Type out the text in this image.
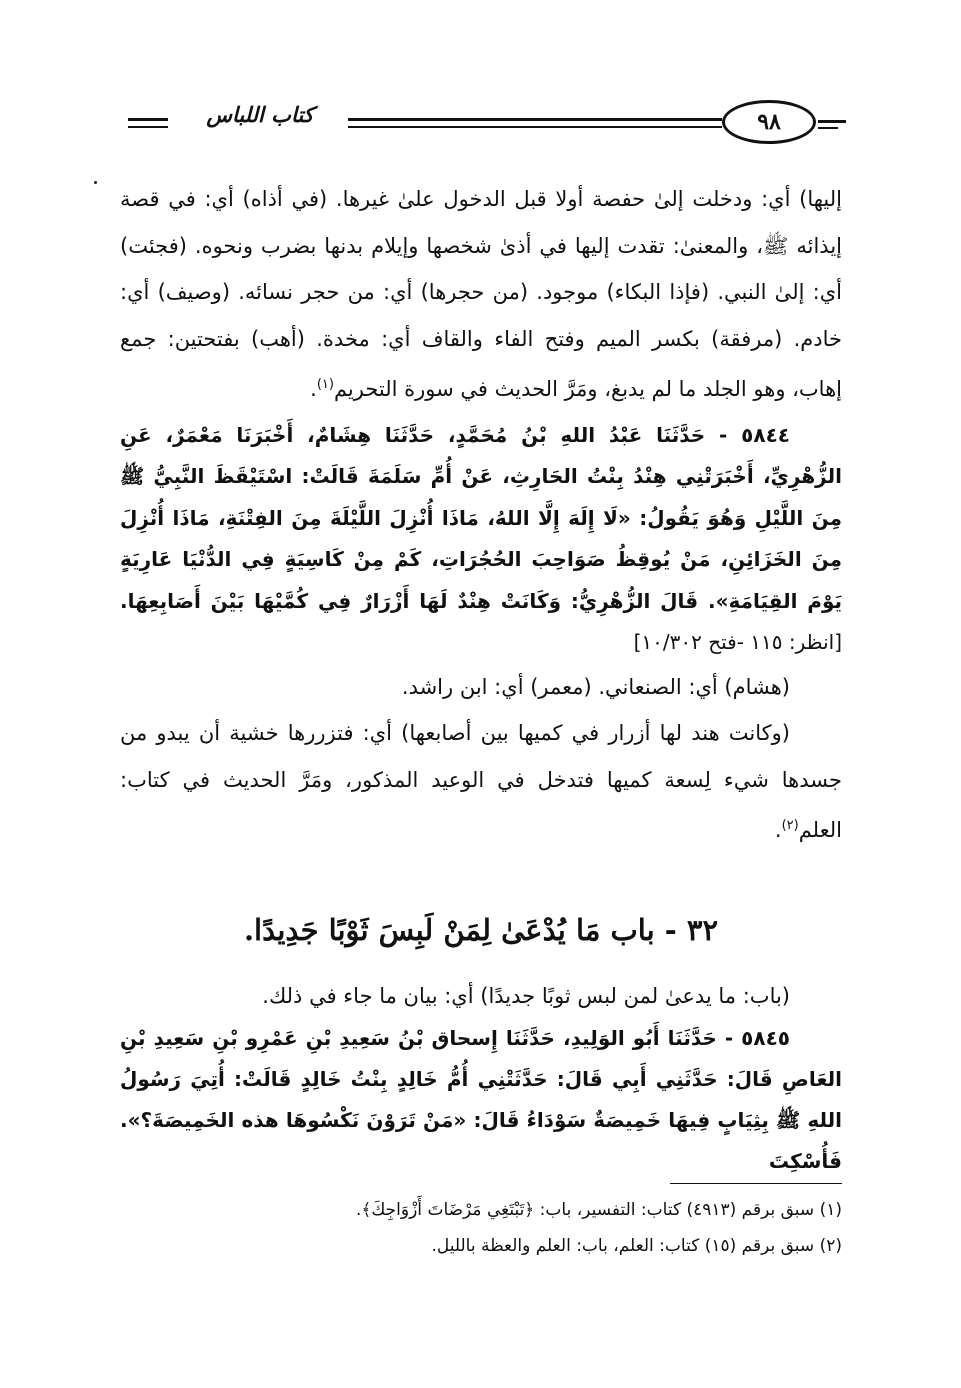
٩٨
كتاب اللباس

إليها) أي: ودخلت إلىٰ حفصة أولا قبل الدخول علىٰ غيرها. (في أذاه) أي: في قصة إيذائه ﷺ، والمعنىٰ: تقدت إليها في أذىٰ شخصها وإيلام بدنها بضرب ونحوه. (فجئت) أي: إلىٰ النبي. (فإذا البكاء) موجود. (من حجرها) أي: من حجر نسائه. (وصيف) أي: خادم. (مرفقة) بكسر الميم وفتح الفاء والقاف أي: مخدة. (أهب) بفتحتين: جمع إهاب، وهو الجلد ما لم يدبغ، ومَرَّ الحديث في سورة التحريم$^{(١)}$.

٥٨٤٤ - حَدَّثَنَا عَبْدُ اللهِ بْنُ مُحَمَّدٍ، حَدَّثَنَا هِشَامٌ، أَخْبَرَنَا مَعْمَرٌ، عَنِ الزُّهْرِيِّ، أَخْبَرَتْنِي هِنْدُ بِنْتُ الحَارِثِ، عَنْ أُمِّ سَلَمَةَ قَالَتْ: اسْتَيْقَظَ النَّبِيُّ ﷺ مِنَ اللَّيْلِ وَهُوَ يَقُولُ: «لَا إِلَهَ إِلَّا اللهُ، مَاذَا أُنْزِلَ اللَّيْلَةَ مِنَ الفِتْنَةِ، مَاذَا أُنْزِلَ مِنَ الخَزَائِنِ، مَنْ يُوقِظُ صَوَاحِبَ الحُجُرَاتِ، كَمْ مِنْ كَاسِيَةٍ فِي الدُّنْيَا عَارِيَةٍ يَوْمَ القِيَامَةِ». قَالَ الزُّهْرِيُّ: وَكَانَتْ هِنْدٌ لَهَا أَزْرَارٌ فِي كُمَّيْهَا بَيْنَ أَصَابِعِهَا. [انظر: ١١٥ -فتح ١٠/٣٠٢]

(هشام) أي: الصنعاني. (معمر) أي: ابن راشد.

(وكانت هند لها أزرار في كميها بين أصابعها) أي: فتزررها خشية أن يبدو من جسدها شيء لِسعة كميها فتدخل في الوعيد المذكور، ومَرَّ الحديث في كتاب: العلم$^{(٢)}$.

٣٢ - باب مَا يُدْعَىٰ لِمَنْ لَبِسَ ثَوْبًا جَدِيدًا.

(باب: ما يدعىٰ لمن لبس ثوبًا جديدًا) أي: بيان ما جاء في ذلك.

٥٨٤٥ - حَدَّثَنَا أَبُو الوَلِيدِ، حَدَّثَنَا إِسحاق بْنُ سَعِيدِ بْنِ عَمْرِو بْنِ سَعِيدِ بْنِ العَاصِ قَالَ: حَدَّثَنِي أَبِي قَالَ: حَدَّثَتْنِي أُمُّ خَالِدٍ بِنْتُ خَالِدٍ قَالَتْ: أُتِيَ رَسُولُ اللهِ ﷺ بِثِيَابٍ فِيهَا خَمِيصَةٌ سَوْدَاءُ قَالَ: «مَنْ تَرَوْنَ نَكْسُوهَا هذه الخَمِيصَةَ؟». فَأُسْكِتَ

(١) سبق برقم (٤٩١٣) كتاب: التفسير، باب: ﴿تَبْتَغِي مَرْضَاتَ أَزْوَاجِكَ﴾.

(٢) سبق برقم (١٥) كتاب: العلم، باب: العلم والعظة بالليل.
